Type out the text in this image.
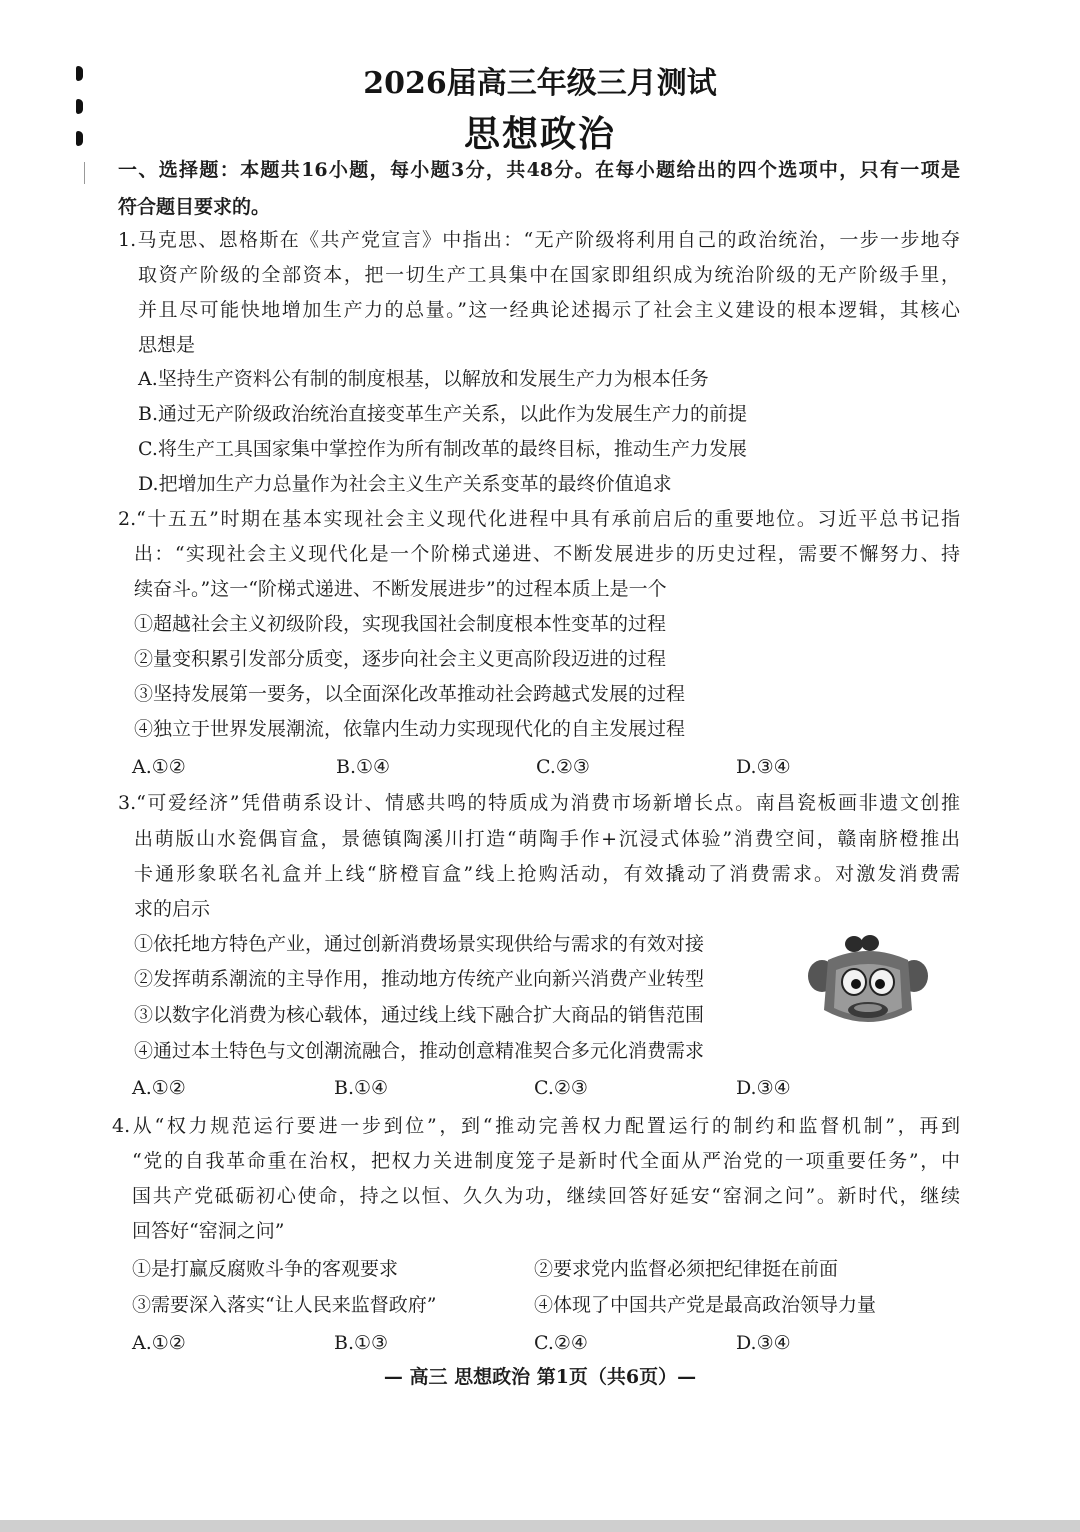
2026届高三年级三月测试
思想政治
一、选择题：本题共16小题，每小题3分，共48分。在每小题给出的四个选项中，只有一项是
符合题目要求的。
1.马克思、恩格斯在《共产党宣言》中指出：“无产阶级将利用自己的政治统治，一步一步地夺
取资产阶级的全部资本，把一切生产工具集中在国家即组织成为统治阶级的无产阶级手里，
并且尽可能快地增加生产力的总量。”这一经典论述揭示了社会主义建设的根本逻辑，其核心
思想是
A.坚持生产资料公有制的制度根基，以解放和发展生产力为根本任务
B.通过无产阶级政治统治直接变革生产关系，以此作为发展生产力的前提
C.将生产工具国家集中掌控作为所有制改革的最终目标，推动生产力发展
D.把增加生产力总量作为社会主义生产关系变革的最终价值追求
2.“十五五”时期在基本实现社会主义现代化进程中具有承前启后的重要地位。习近平总书记指
出：“实现社会主义现代化是一个阶梯式递进、不断发展进步的历史过程，需要不懈努力、持
续奋斗。”这一“阶梯式递进、不断发展进步”的过程本质上是一个
①超越社会主义初级阶段，实现我国社会制度根本性变革的过程
②量变积累引发部分质变，逐步向社会主义更高阶段迈进的过程
③坚持发展第一要务，以全面深化改革推动社会跨越式发展的过程
④独立于世界发展潮流，依靠内生动力实现现代化的自主发展过程
A.①②	B.①④	C.②③	D.③④
3.“可爱经济”凭借萌系设计、情感共鸣的特质成为消费市场新增长点。南昌瓷板画非遗文创推
出萌版山水瓷偶盲盒，景德镇陶溪川打造“萌陶手作+沉浸式体验”消费空间，赣南脐橙推出
卡通形象联名礼盒并上线“脐橙盲盒”线上抢购活动，有效撬动了消费需求。对激发消费需
求的启示
①依托地方特色产业，通过创新消费场景实现供给与需求的有效对接
②发挥萌系潮流的主导作用，推动地方传统产业向新兴消费产业转型
③以数字化消费为核心载体，通过线上线下融合扩大商品的销售范围
④通过本土特色与文创潮流融合，推动创意精准契合多元化消费需求
A.①②	B.①④	C.②③	D.③④
4.从“权力规范运行要进一步到位”，到“推动完善权力配置运行的制约和监督机制”，再到
“党的自我革命重在治权，把权力关进制度笼子是新时代全面从严治党的一项重要任务”，中
国共产党砥砺初心使命，持之以恒、久久为功，继续回答好延安“窑洞之问”。新时代，继续
回答好“窑洞之问”
①是打赢反腐败斗争的客观要求	②要求党内监督必须把纪律挺在前面
③需要深入落实“让人民来监督政府”	④体现了中国共产党是最高政治领导力量
A.①②	B.①③	C.②④	D.③④
— 高三 思想政治 第1页（共6页）—
